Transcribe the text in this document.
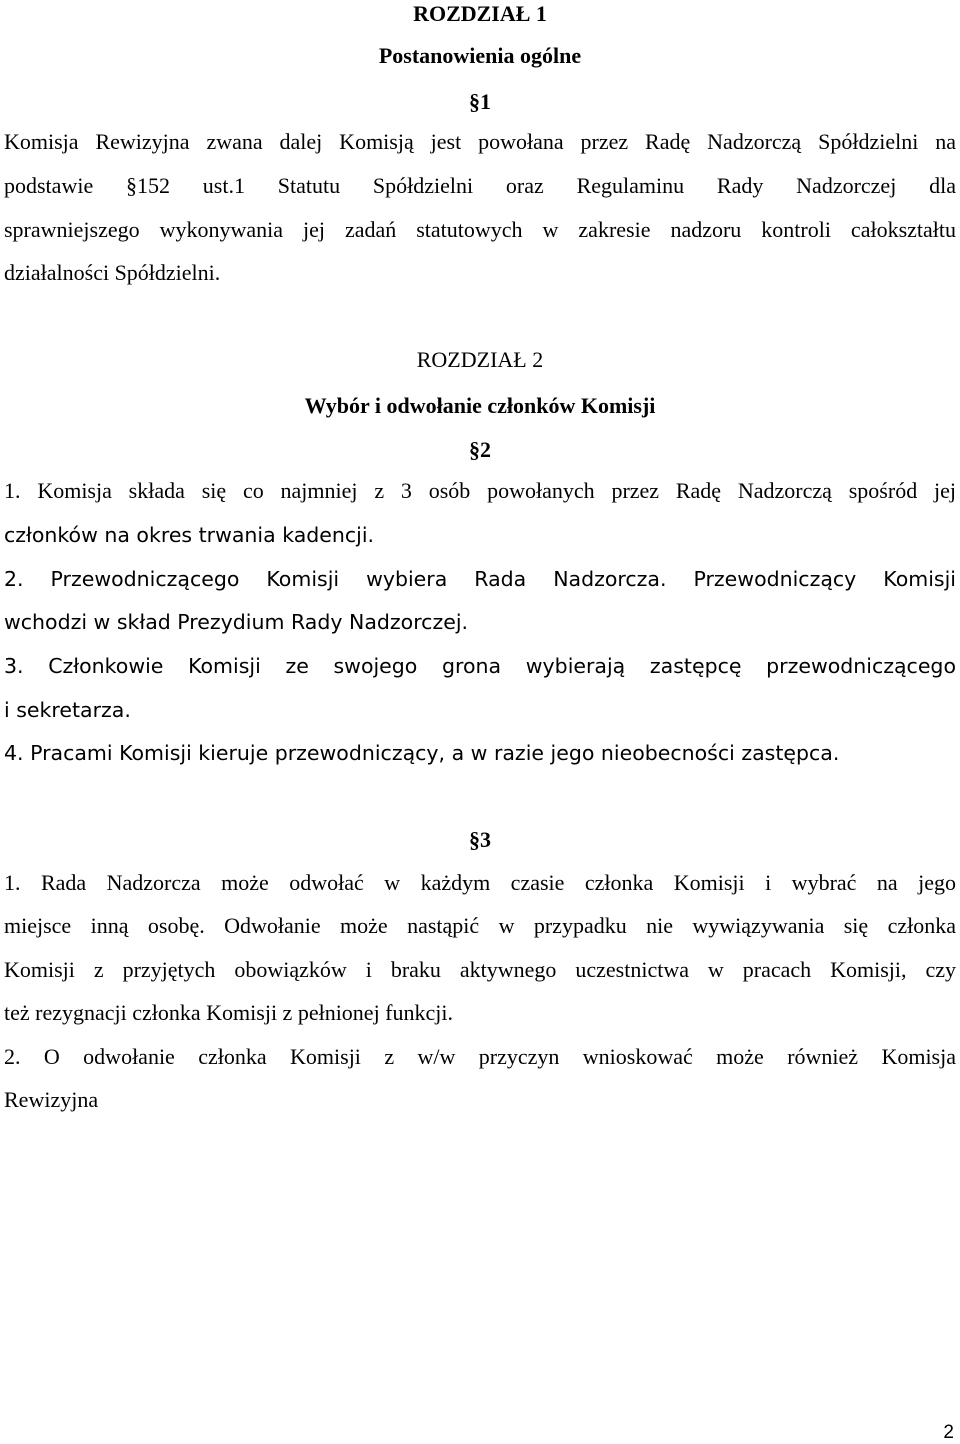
ROZDZIAŁ 1
Postanowienia ogólne
§1
Komisja Rewizyjna zwana dalej Komisją jest powołana przez Radę Nadzorczą Spółdzielni na
podstawie §152 ust.1 Statutu Spółdzielni oraz Regulaminu Rady Nadzorczej dla
sprawniejszego wykonywania jej zadań statutowych w zakresie nadzoru kontroli całokształtu
działalności Spółdzielni.
ROZDZIAŁ 2
Wybór i odwołanie członków Komisji
§2
1. Komisja składa się co najmniej z 3 osób powołanych przez Radę Nadzorczą spośród jej
członków na okres trwania kadencji.
2. Przewodniczącego Komisji wybiera Rada Nadzorcza. Przewodniczący Komisji
wchodzi w skład Prezydium Rady Nadzorczej.
3. Członkowie Komisji ze swojego grona wybierają zastępcę przewodniczącego
i sekretarza.
4. Pracami Komisji kieruje przewodniczący, a w razie jego nieobecności zastępca.
§3
1. Rada Nadzorcza może odwołać w każdym czasie członka Komisji i wybrać na jego
miejsce inną osobę. Odwołanie może nastąpić w przypadku nie wywiązywania się członka
Komisji z przyjętych obowiązków i braku aktywnego uczestnictwa w pracach Komisji, czy
też rezygnacji członka Komisji z pełnionej funkcji.
2. O odwołanie członka Komisji z w/w przyczyn wnioskować może również Komisja
Rewizyjna
2
